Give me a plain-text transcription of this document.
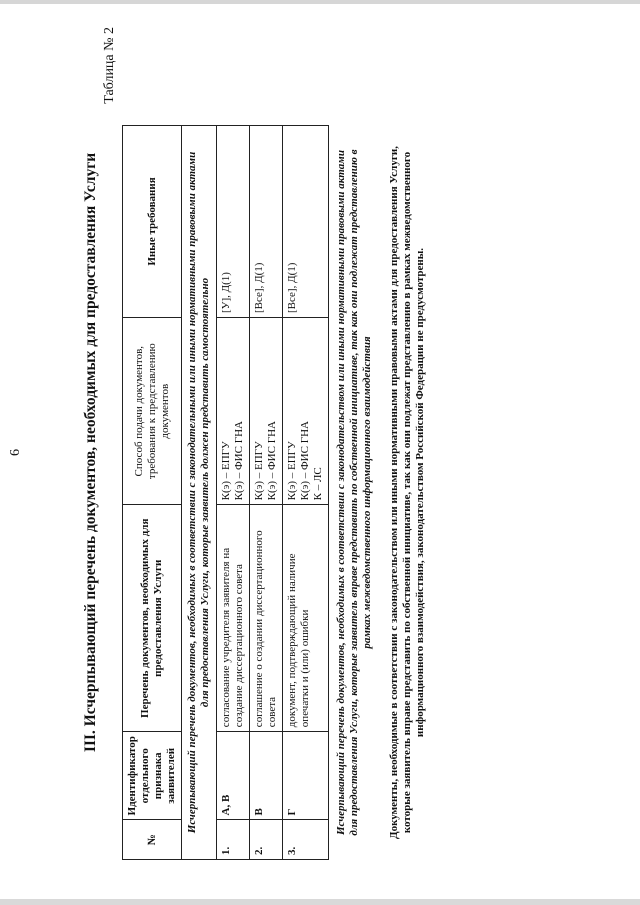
6	III. Исчерпывающий перечень документов, необходимых для предоставления Услуги
Таблица № 2
№	Идентификатор отдельного признака заявителей	Перечень документов, необходимых для предоставления Услуги	Способ подачи документов, требования к представлению документов	Иные требования
Исчерпывающий перечень документов, необходимых в соответствии с законодательными или иными нормативными правовыми актами для предоставления Услуги, которые заявитель должен представить самостоятельно				
1.	А, В	согласование учредителя заявителя на создание диссертационного совета	К(э) – ЕПГУ К(э) – ФИС ГНА	[У], Д(1)
2.	В	соглашение о создании диссертационного совета	К(э) – ЕПГУ К(э) – ФИС ГНА	[Все], Д(1)
3.	Г	документ, подтверждающий наличие опечатки и (или) ошибки	К(э) – ЕПГУ К(э) – ФИС ГНА К – ЛС	[Все], Д(1)
Исчерпывающий перечень документов, необходимых в соответствии с законодательством или иными нормативными правовыми актами для предоставления Услуги, которые заявитель вправе представить по собственной инициативе, так как они подлежат представлению в рамках межведомственного информационного взаимодействия				
Документы, необходимые в соответствии с законодательством или иными нормативными правовыми актами для предоставления Услуги, которые заявитель вправе представить по собственной инициативе, так как они подлежат представлению в рамках межведомственного информационного взаимодействия, законодательством Российской Федерации не предусмотрены.				
